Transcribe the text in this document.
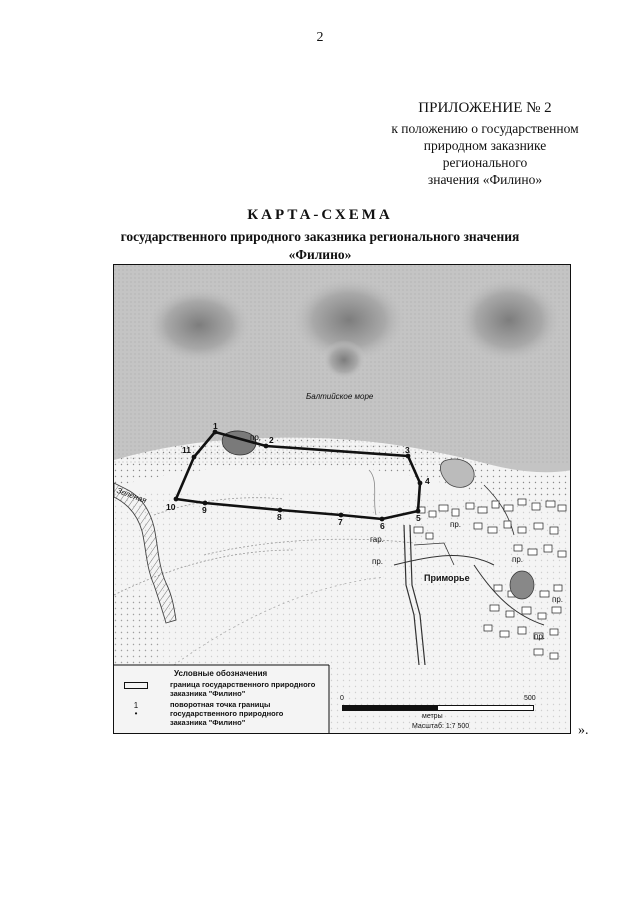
2
ПРИЛОЖЕНИЕ № 2
к положению о государственном
природном заказнике
регионального
значения «Филино»
КАРТА-СХЕМА
государственного природного заказника регионального значения
«Филино»
Балтийское море
Приморье
пр.
пр.
пр.
пр.
гар.
пр.
пр.
Зеленая
1
2
3
4
5
6
7
8
9
10
11
Условные обозначения
граница государственного природного заказника "Филино"
1
•
поворотная точка границы государственного природного заказника "Филино"
0	500
метры
Масштаб: 1:7 500	».
